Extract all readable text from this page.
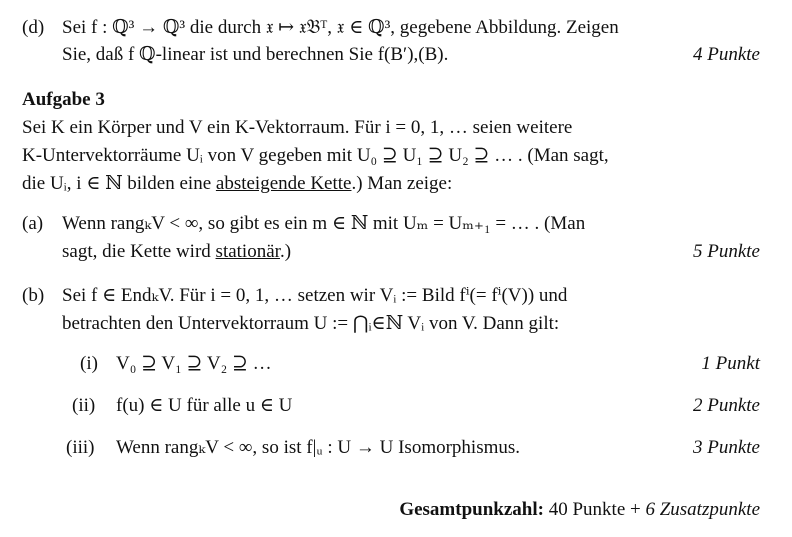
(d) Sei f : ℚ³ → ℚ³ die durch 𝔵 ↦ 𝔵𝔅ᵀ, 𝔵 ∈ ℚ³, gegebene Abbildung. Zeigen
Sie, daß f ℚ-linear ist und berechnen Sie f(B′),(B).	4 Punkte
Aufgabe 3
Sei K ein Körper und V ein K-Vektorraum. Für i = 0, 1, … seien weitere
K-Untervektorräume Uᵢ von V gegeben mit U₀ ⊇ U₁ ⊇ U₂ ⊇ … . (Man sagt,
die Uᵢ, i ∈ ℕ bilden eine absteigende Kette.) Man zeige:
(a) Wenn rangₖV < ∞, so gibt es ein m ∈ ℕ mit Uₘ = Uₘ₊₁ = … . (Man
sagt, die Kette wird stationär.)	5 Punkte
(b) Sei f ∈ EndₖV. Für i = 0, 1, … setzen wir Vᵢ := Bild fⁱ(= fⁱ(V)) und
betrachten den Untervektorraum U := ⋂ᵢ∈ℕ Vᵢ von V. Dann gilt:
(i) V₀ ⊇ V₁ ⊇ V₂ ⊇ …	1 Punkt
(ii) f(u) ∈ U für alle u ∈ U	2 Punkte
(iii) Wenn rangₖV < ∞, so ist f|ᵤ : U → U Isomorphismus.	3 Punkte
Gesamtpunkzahl: 40 Punkte + 6 Zusatzpunkte
